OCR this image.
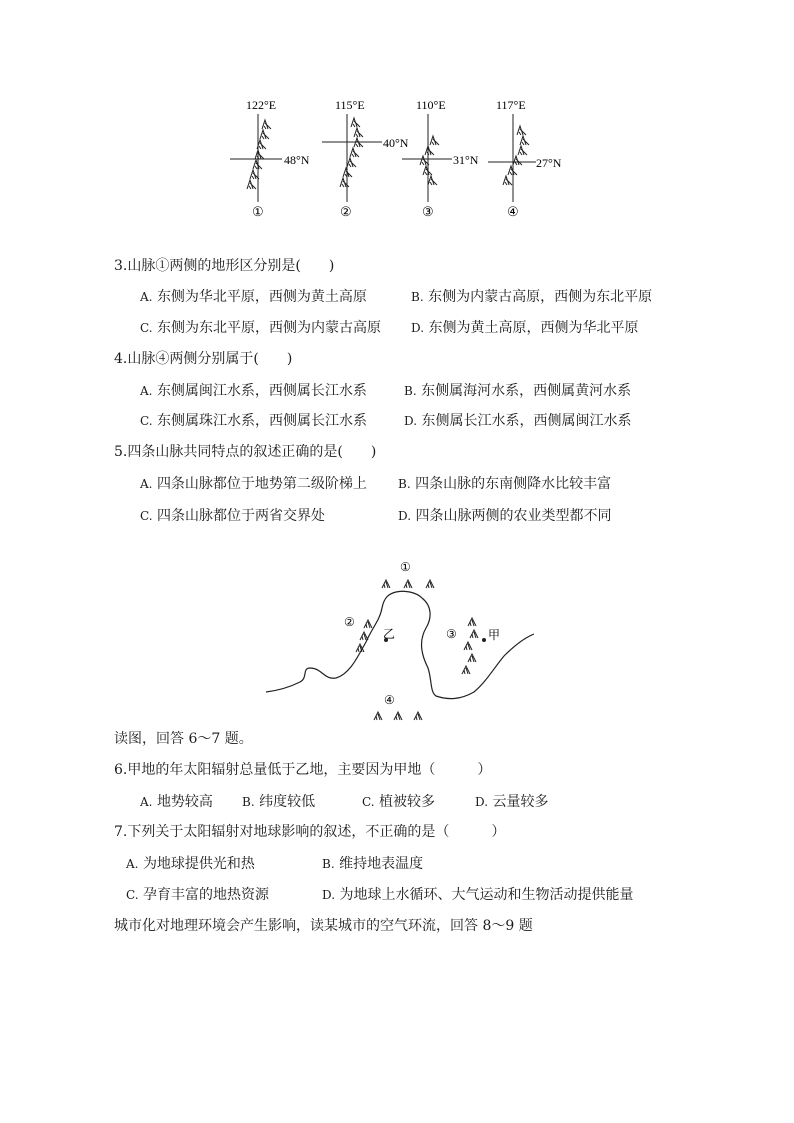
122°E
48°N
①
115°E
40°N
②
110°E
31°N
③
117°E
27°N
④
3.山脉①两侧的地形区分别是(　　)
A. 东侧为华北平原，西侧为黄土高原	B. 东侧为内蒙古高原，西侧为东北平原
C. 东侧为东北平原，西侧为内蒙古高原 D. 东侧为黄土高原，西侧为华北平原
4.山脉④两侧分别属于(　　)
A. 东侧属闽江水系，西侧属长江水系	B. 东侧属海河水系，西侧属黄河水系
C. 东侧属珠江水系，西侧属长江水系	D. 东侧属长江水系，西侧属闽江水系
5.四条山脉共同特点的叙述正确的是(　　)
A. 四条山脉都位于地势第二级阶梯上	B. 四条山脉的东南侧降水比较丰富
C. 四条山脉都位于两省交界处	D. 四条山脉两侧的农业类型都不同
①
②
乙	③	甲
④
读图，回答 6～7 题。
6.甲地的年太阳辐射总量低于乙地，主要因为甲地（　　　）
A. 地势较高 B. 纬度较低	C. 植被较多	D. 云量较多
7.下列关于太阳辐射对地球影响的叙述，不正确的是（　　　）
A. 为地球提供光和热	B. 维持地表温度
C. 孕育丰富的地热资源	D. 为地球上水循环、大气运动和生物活动提供能量
城市化对地理环境会产生影响，读某城市的空气环流，回答 8～9 题
